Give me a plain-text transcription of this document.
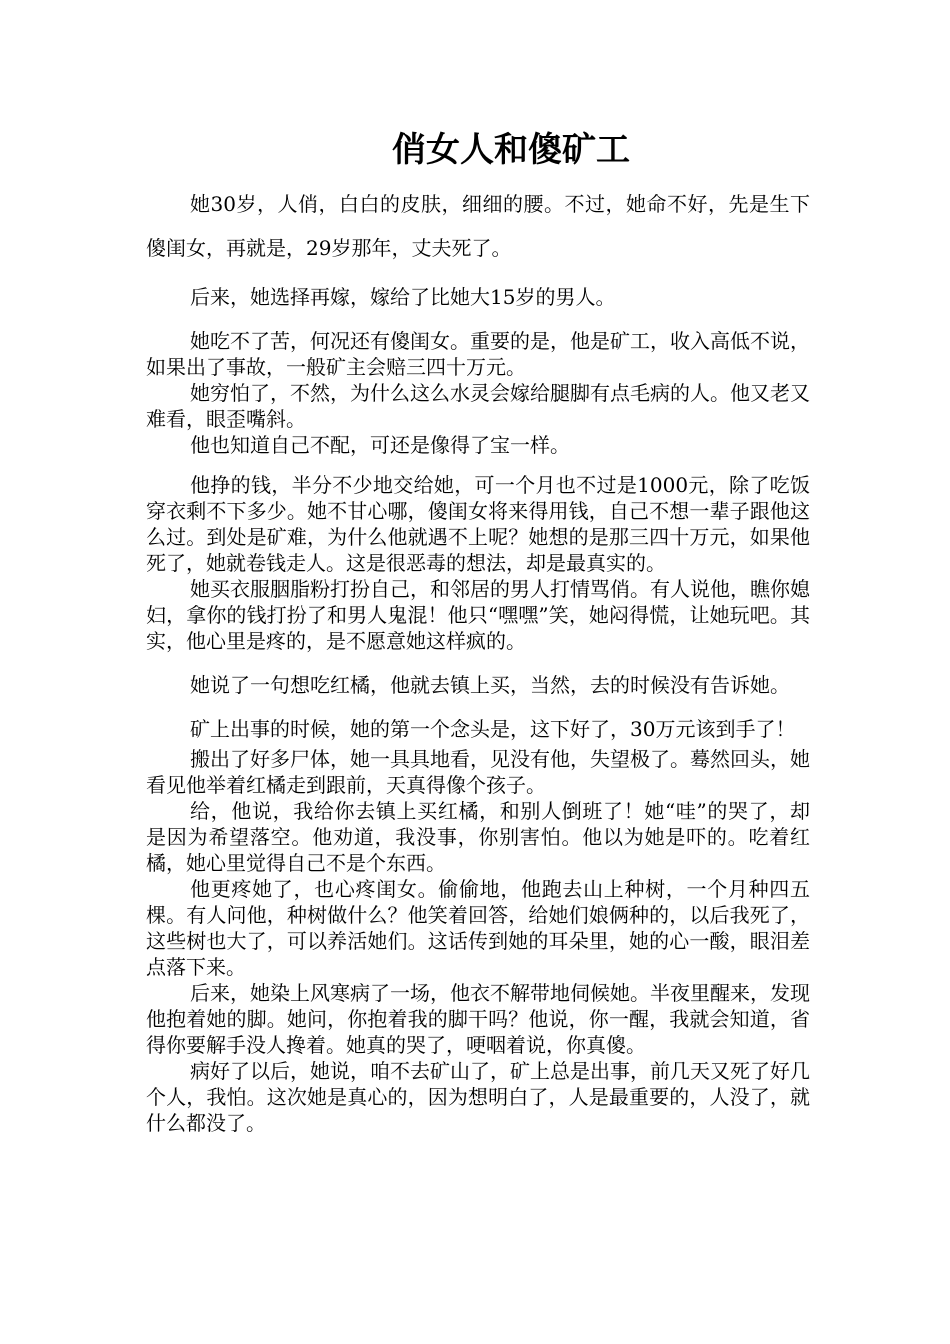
俏女人和傻矿工

她30岁，人俏，白白的皮肤，细细的腰。不过，她命不好，先是生下傻闺女，再就是，29岁那年，丈夫死了。

后来，她选择再嫁，嫁给了比她大15岁的男人。

她吃不了苦，何况还有傻闺女。重要的是，他是矿工，收入高低不说，如果出了事故，一般矿主会赔三四十万元。

她穷怕了，不然，为什么这么水灵会嫁给腿脚有点毛病的人。他又老又难看，眼歪嘴斜。

他也知道自己不配，可还是像得了宝一样。

他挣的钱，半分不少地交给她，可一个月也不过是1000元，除了吃饭穿衣剩不下多少。她不甘心哪，傻闺女将来得用钱，自己不想一辈子跟他这么过。到处是矿难，为什么他就遇不上呢？她想的是那三四十万元，如果他死了，她就卷钱走人。这是很恶毒的想法，却是最真实的。

她买衣服胭脂粉打扮自己，和邻居的男人打情骂俏。有人说他，瞧你媳妇，拿你的钱打扮了和男人鬼混！他只“嘿嘿”笑，她闷得慌，让她玩吧。其实，他心里是疼的，是不愿意她这样疯的。

她说了一句想吃红橘，他就去镇上买，当然，去的时候没有告诉她。

矿上出事的时候，她的第一个念头是，这下好了，30万元该到手了！

搬出了好多尸体，她一具具地看，见没有他，失望极了。蓦然回头，她看见他举着红橘走到跟前，天真得像个孩子。

给，他说，我给你去镇上买红橘，和别人倒班了！她“哇”的哭了，却是因为希望落空。他劝道，我没事，你别害怕。他以为她是吓的。吃着红橘，她心里觉得自己不是个东西。

他更疼她了，也心疼闺女。偷偷地，他跑去山上种树，一个月种四五棵。有人问他，种树做什么？他笑着回答，给她们娘俩种的，以后我死了，这些树也大了，可以养活她们。这话传到她的耳朵里，她的心一酸，眼泪差点落下来。

后来，她染上风寒病了一场，他衣不解带地伺候她。半夜里醒来，发现他抱着她的脚。她问，你抱着我的脚干吗？他说，你一醒，我就会知道，省得你要解手没人搀着。她真的哭了，哽咽着说，你真傻。

病好了以后，她说，咱不去矿山了，矿上总是出事，前几天又死了好几个人，我怕。这次她是真心的，因为想明白了，人是最重要的，人没了，就什么都没了。
